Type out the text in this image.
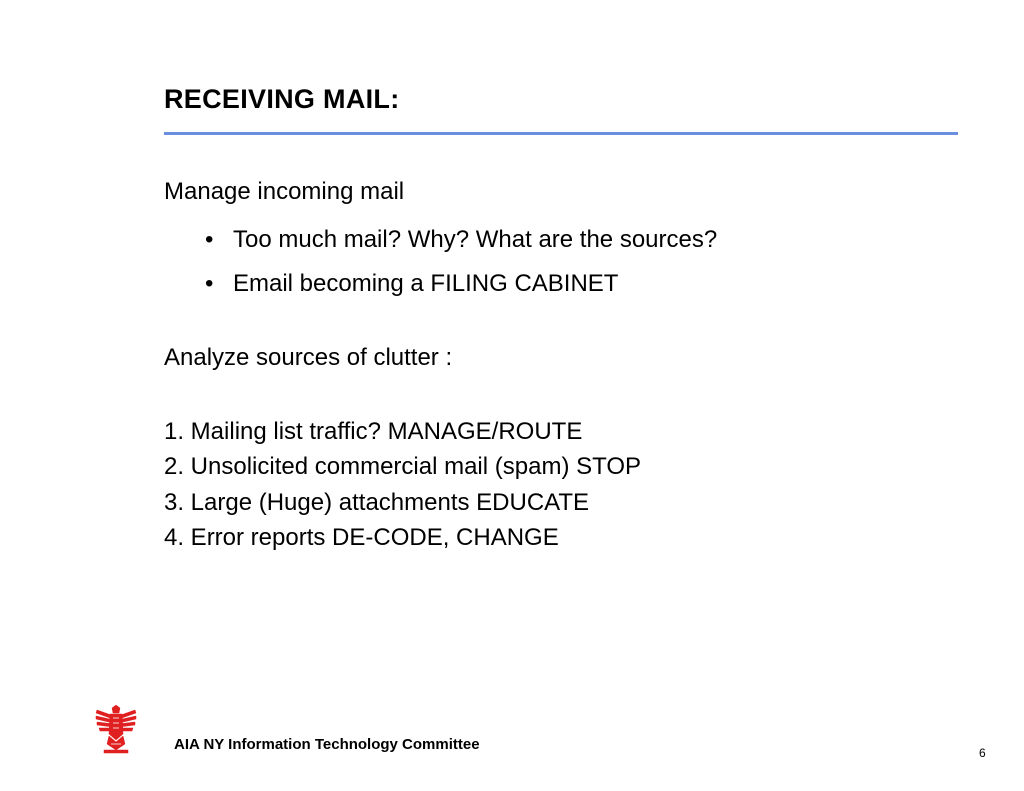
RECEIVING MAIL:
Manage incoming mail
• Too much mail? Why? What are the sources?
• Email becoming a FILING CABINET
Analyze sources of clutter :
1. Mailing list traffic? MANAGE/ROUTE
2. Unsolicited commercial mail (spam) STOP
3. Large (Huge) attachments EDUCATE
4. Error reports DE-CODE, CHANGE
AIA NY Information Technology Committee	6
